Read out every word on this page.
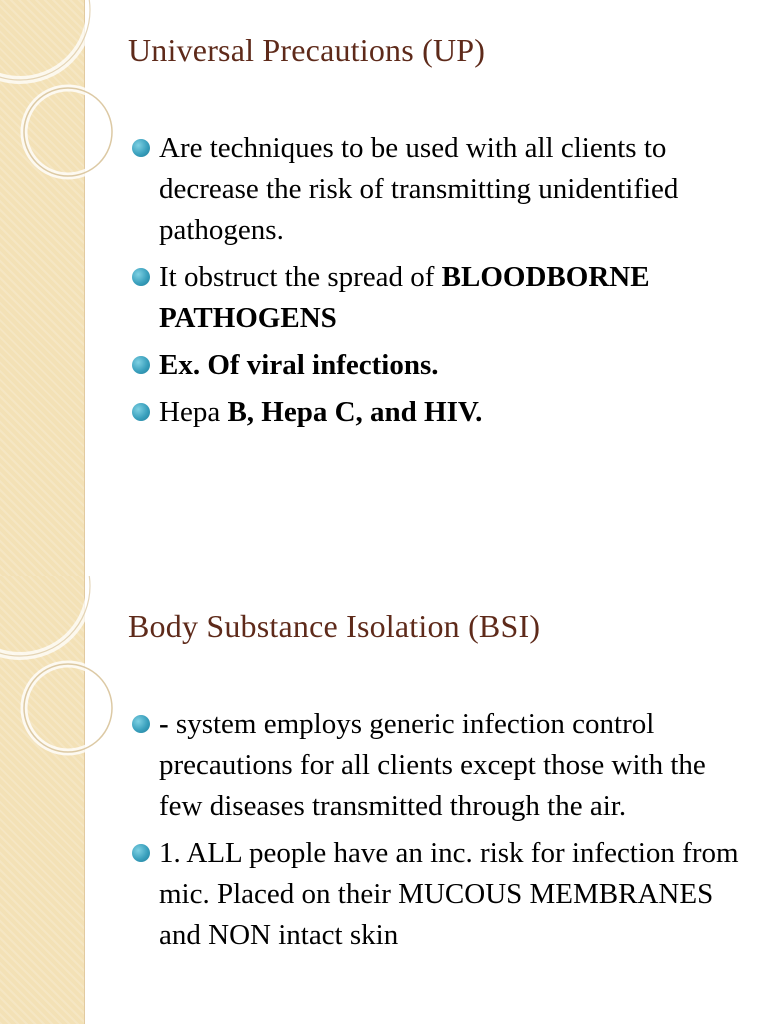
Universal Precautions (UP)
Are techniques to be used with all clients to decrease the risk of transmitting unidentified pathogens.
It obstruct the spread of BLOODBORNE PATHOGENS
Ex. Of viral infections.
Hepa B, Hepa C, and HIV.
Body Substance Isolation (BSI)
- system employs generic infection control precautions for all clients except those with the few diseases transmitted through the air.
1. ALL people have an inc. risk for infection from mic. Placed on their MUCOUS MEMBRANES and NON intact skin
